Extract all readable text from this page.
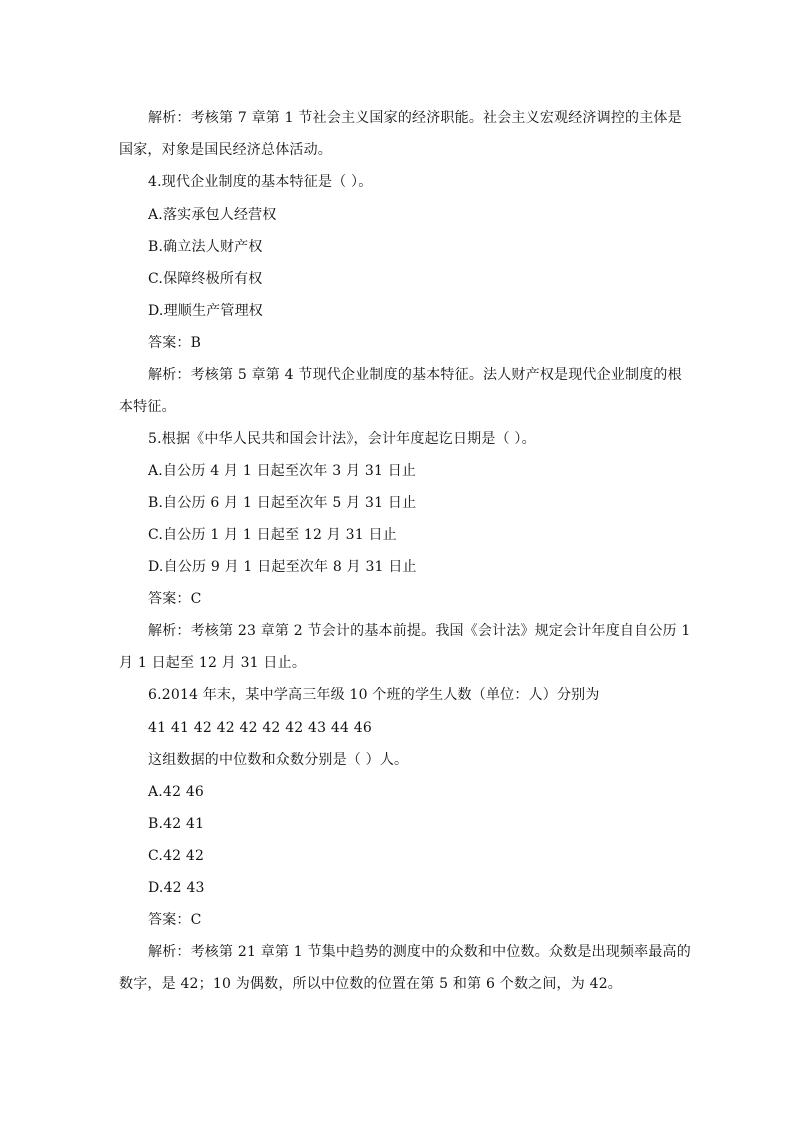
解析：考核第 7 章第 1 节社会主义国家的经济职能。社会主义宏观经济调控的主体是
国家，对象是国民经济总体活动。
4.现代企业制度的基本特征是（ ）。
A.落实承包人经营权
B.确立法人财产权
C.保障终极所有权
D.理顺生产管理权
答案：B
解析：考核第 5 章第 4 节现代企业制度的基本特征。法人财产权是现代企业制度的根
本特征。
5.根据《中华人民共和国会计法》，会计年度起讫日期是（ ）。
A.自公历 4 月 1 日起至次年 3 月 31 日止
B.自公历 6 月 1 日起至次年 5 月 31 日止
C.自公历 1 月 1 日起至 12 月 31 日止
D.自公历 9 月 1 日起至次年 8 月 31 日止
答案：C
解析：考核第 23 章第 2 节会计的基本前提。我国《会计法》规定会计年度自自公历 1
月 1 日起至 12 月 31 日止。
6.2014 年末，某中学高三年级 10 个班的学生人数（单位：人）分别为
41 41 42 42 42 42 42 43 44 46
这组数据的中位数和众数分别是（ ）人。
A.42 46
B.42 41
C.42 42
D.42 43
答案：C
解析：考核第 21 章第 1 节集中趋势的测度中的众数和中位数。众数是出现频率最高的
数字，是 42；10 为偶数，所以中位数的位置在第 5 和第 6 个数之间，为 42。
